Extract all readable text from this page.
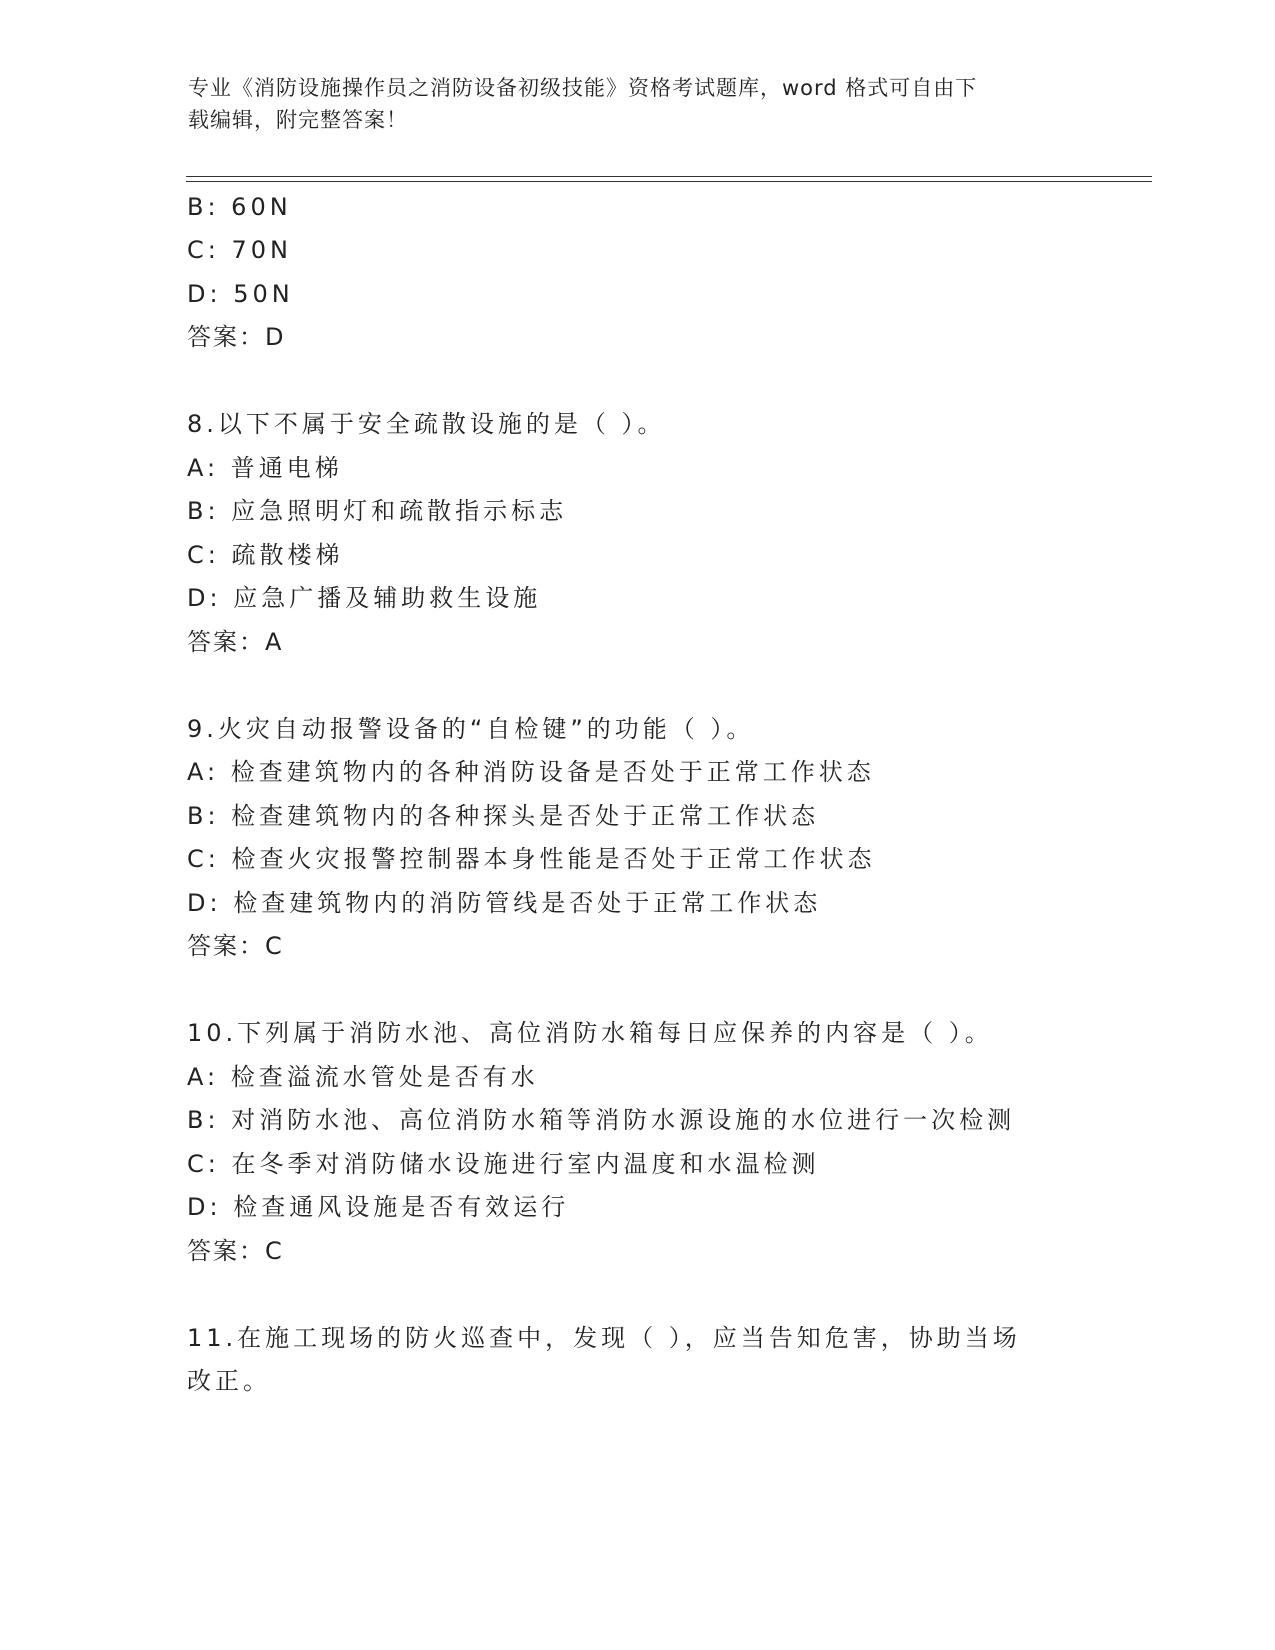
专业《消防设施操作员之消防设备初级技能》资格考试题库，word 格式可自由下
载编辑，附完整答案！
B: 60N
C: 70N
D: 50N
答案：D
8.以下不属于安全疏散设施的是（ ）。
A: 普通电梯
B: 应急照明灯和疏散指示标志
C: 疏散楼梯
D: 应急广播及辅助救生设施
答案：A
9.火灾自动报警设备的“自检键”的功能（ ）。
A: 检查建筑物内的各种消防设备是否处于正常工作状态
B: 检查建筑物内的各种探头是否处于正常工作状态
C: 检查火灾报警控制器本身性能是否处于正常工作状态
D: 检查建筑物内的消防管线是否处于正常工作状态
答案：C
10.下列属于消防水池、高位消防水箱每日应保养的内容是（ ）。
A: 检查溢流水管处是否有水
B: 对消防水池、高位消防水箱等消防水源设施的水位进行一次检测
C: 在冬季对消防储水设施进行室内温度和水温检测
D: 检查通风设施是否有效运行
答案：C
11.在施工现场的防火巡查中，发现（ ），应当告知危害，协助当场
改正。
